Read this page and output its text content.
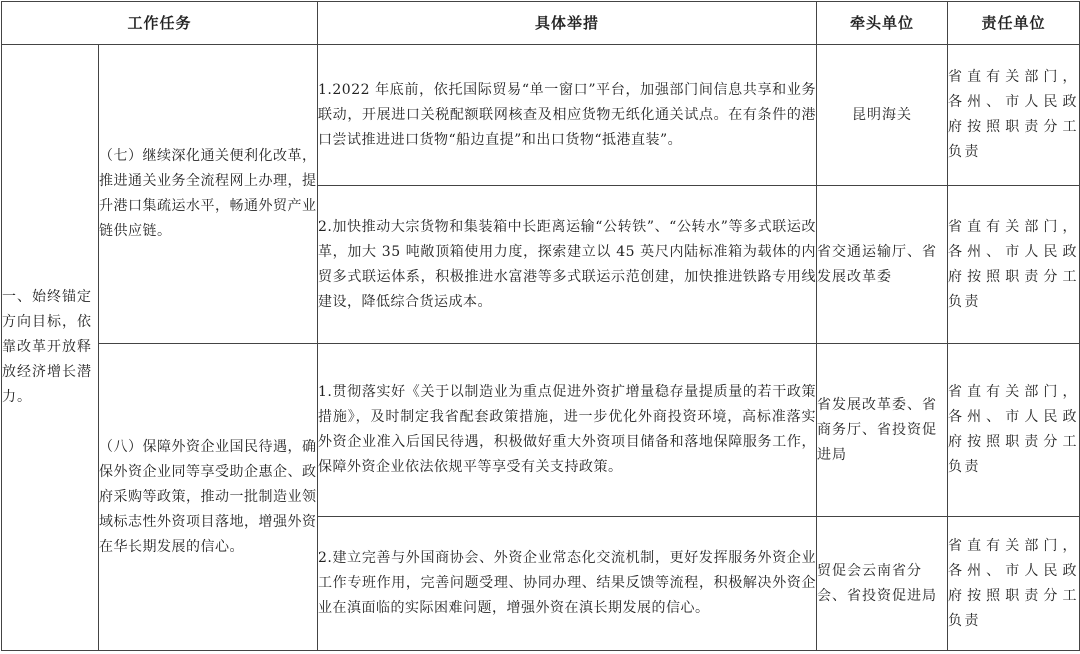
工作任务		具体举措	牵头单位	责任单位
一、始终锚定方向目标，依靠改革开放释放经济增长潜力。	（七）继续深化通关便利化改革，推进通关业务全流程网上办理，提升港口集疏运水平，畅通外贸产业链供应链。	1.2022 年底前，依托国际贸易“单一窗口”平台，加强部门间信息共享和业务联动，开展进口关税配额联网核查及相应货物无纸化通关试点。在有条件的港口尝试推进进口货物“船边直提”和出口货物“抵港直装”。	昆明海关	省直有关部门，各州、市人民政府按照职责分工负责
		2.加快推动大宗货物和集装箱中长距离运输“公转铁”、“公转水”等多式联运改革，加大 35 吨敞顶箱使用力度，探索建立以 45 英尺内陆标准箱为载体的内贸多式联运体系，积极推进水富港等多式联运示范创建，加快推进铁路专用线建设，降低综合货运成本。	省交通运输厅、省发展改革委	省直有关部门，各州、市人民政府按照职责分工负责
	（八）保障外资企业国民待遇，确保外资企业同等享受助企惠企、政府采购等政策，推动一批制造业领域标志性外资项目落地，增强外资在华长期发展的信心。	1.贯彻落实好《关于以制造业为重点促进外资扩增量稳存量提质量的若干政策措施》，及时制定我省配套政策措施，进一步优化外商投资环境，高标准落实外资企业准入后国民待遇，积极做好重大外资项目储备和落地保障服务工作，保障外资企业依法依规平等享受有关支持政策。	省发展改革委、省商务厅、省投资促进局	省直有关部门，各州、市人民政府按照职责分工负责
		2.建立完善与外国商协会、外资企业常态化交流机制，更好发挥服务外资企业工作专班作用，完善问题受理、协同办理、结果反馈等流程，积极解决外资企业在滇面临的实际困难问题，增强外资在滇长期发展的信心。	贸促会云南省分会、省投资促进局	省直有关部门，各州、市人民政府按照职责分工负责
